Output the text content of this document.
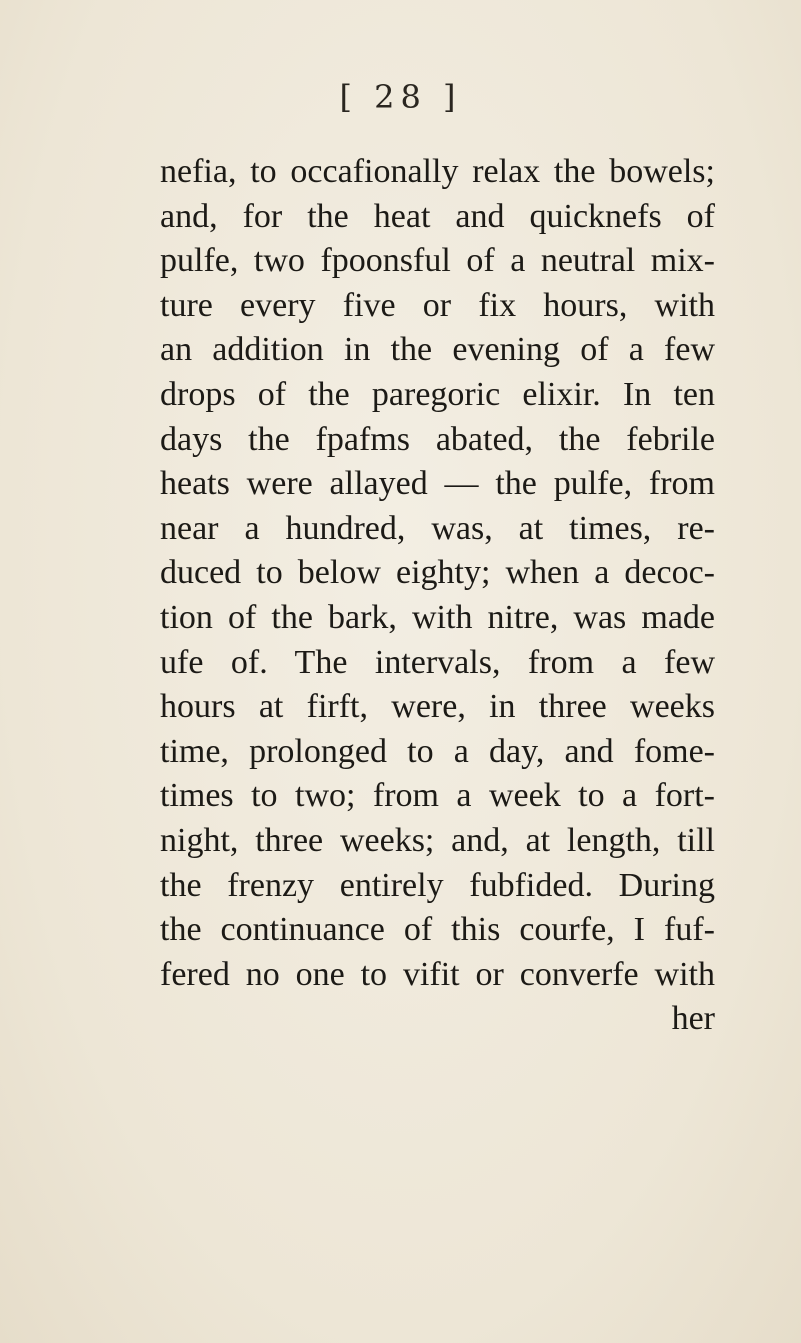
[ 28 ]
nefia, to occafionally relax the bowels;
and, for the heat and quicknefs of
pulfe, two fpoonsful of a neutral mix-
ture every five or fix hours, with
an addition in the evening of a few
drops of the paregoric elixir. In ten
days the fpafms abated, the febrile
heats were allayed — the pulfe, from
near a hundred, was, at times, re-
duced to below eighty; when a decoc-
tion of the bark, with nitre, was made
ufe of. The intervals, from a few
hours at firft, were, in three weeks
time, prolonged to a day, and fome-
times to two; from a week to a fort-
night, three weeks; and, at length, till
the frenzy entirely fubfided. During
the continuance of this courfe, I fuf-
fered no one to vifit or converfe with
her
